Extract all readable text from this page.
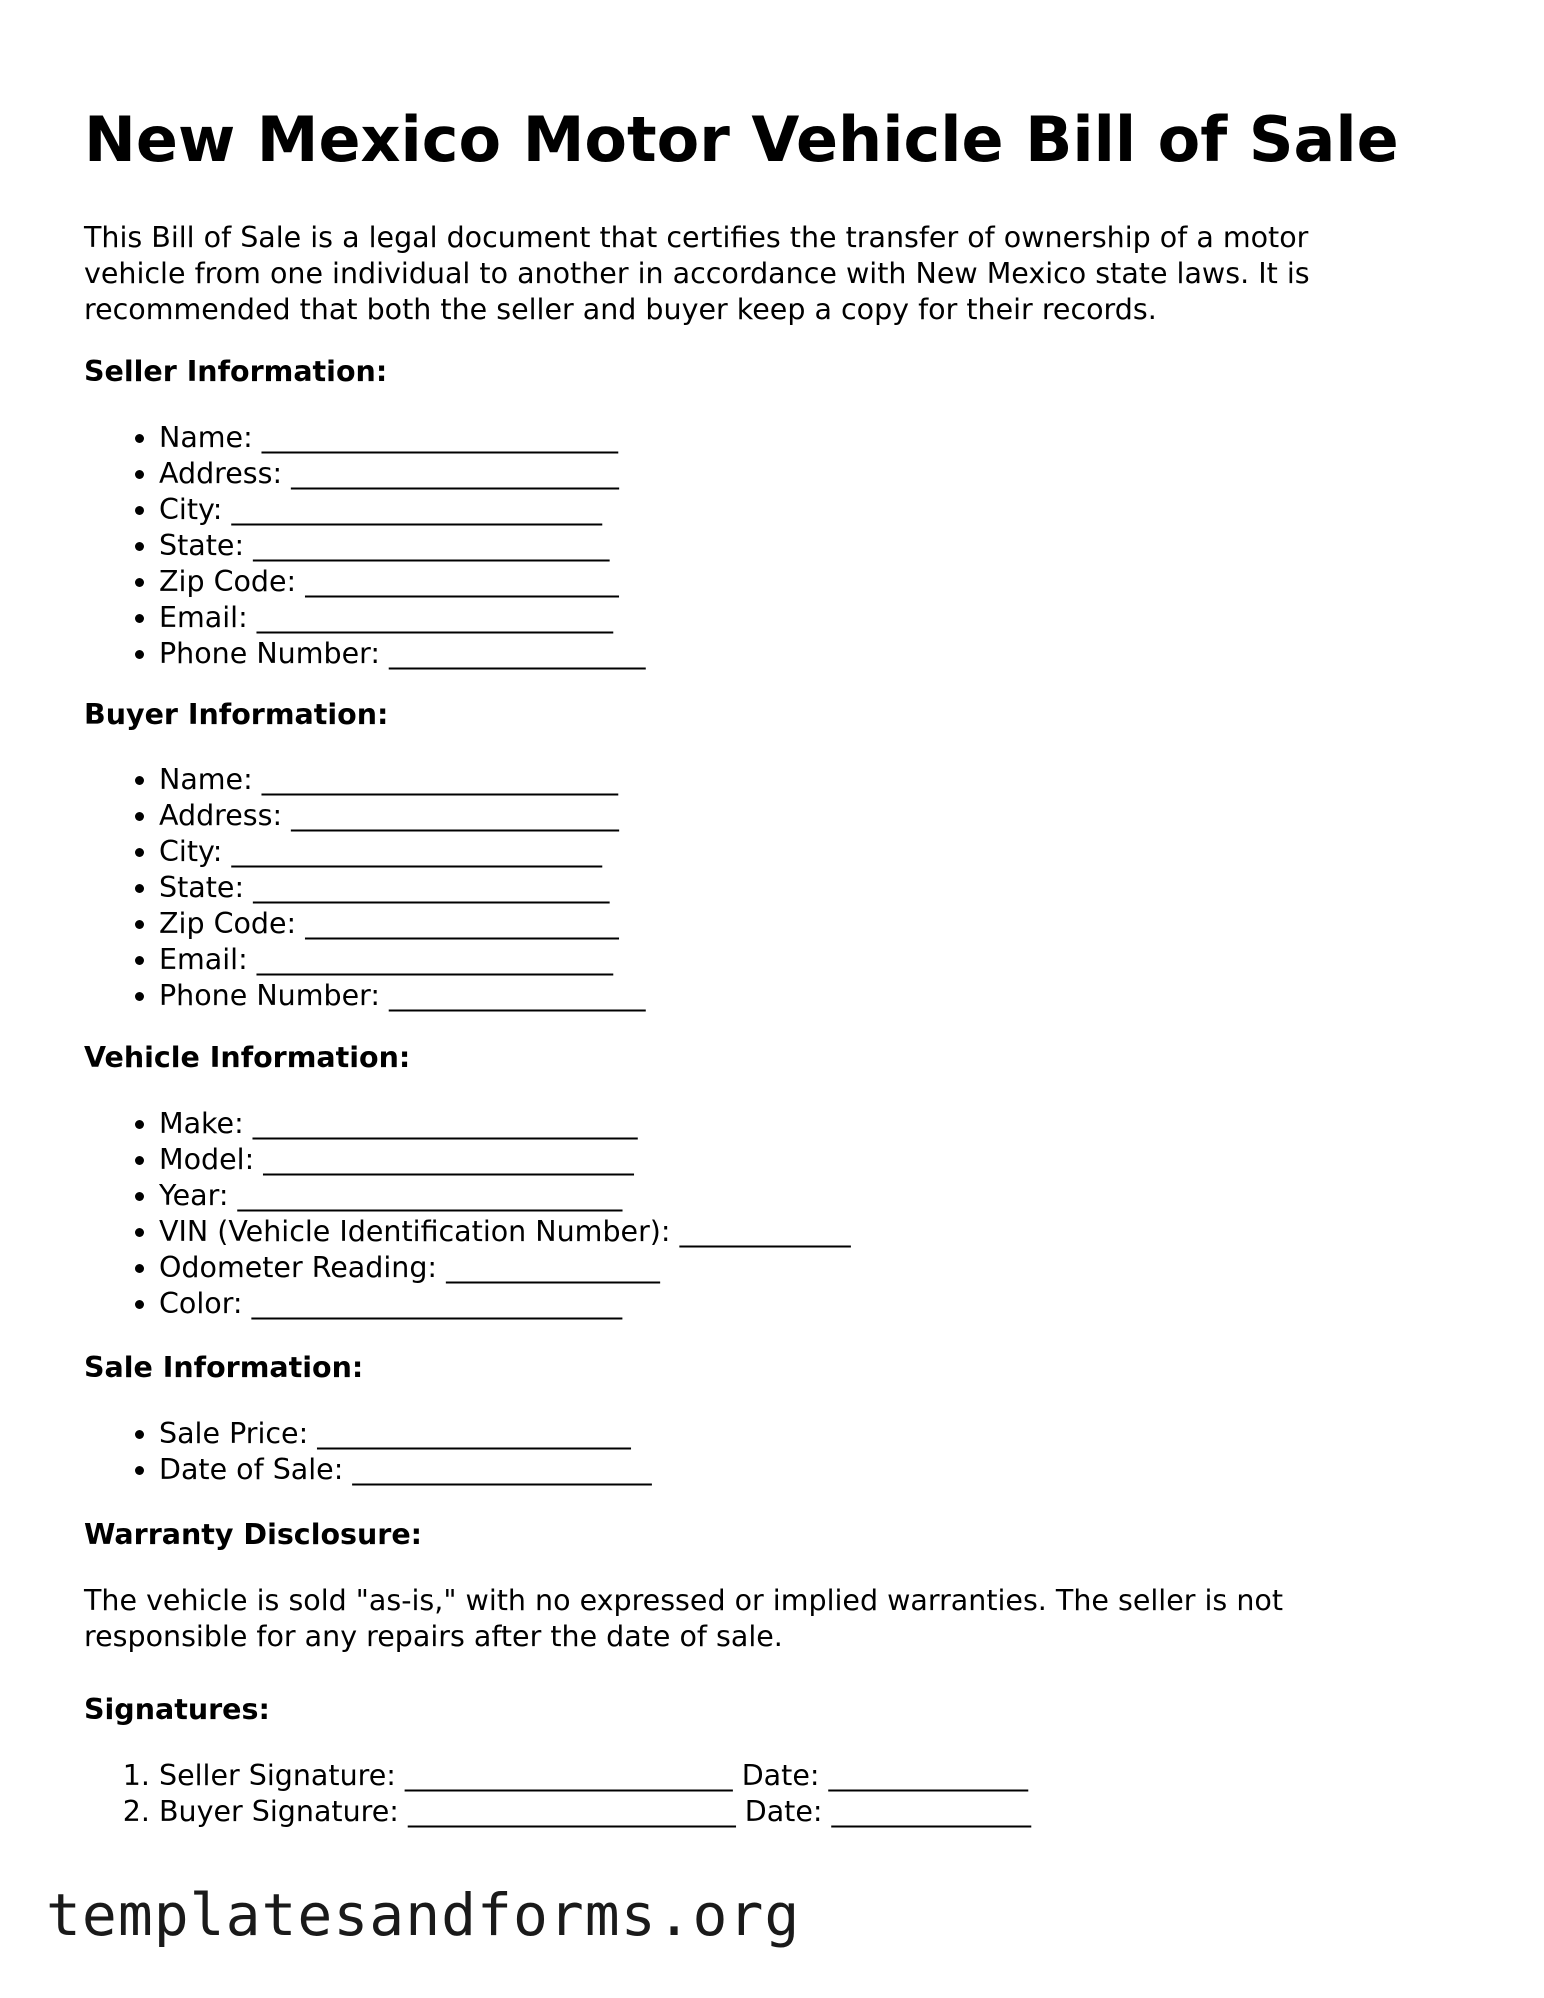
New Mexico Motor Vehicle Bill of Sale

This Bill of Sale is a legal document that certifies the transfer of ownership of a motor vehicle from one individual to another in accordance with New Mexico state laws. It is recommended that both the seller and buyer keep a copy for their records.

Seller Information:
• Name: _________________________
• Address: _______________________
• City: __________________________
• State: _________________________
• Zip Code: ______________________
• Email: _________________________
• Phone Number: __________________
Buyer Information:
• Name: _________________________
• Address: _______________________
• City: __________________________
• State: _________________________
• Zip Code: ______________________
• Email: _________________________
• Phone Number: __________________
Vehicle Information:
• Make: ___________________________
• Model: __________________________
• Year: ___________________________
• VIN (Vehicle Identification Number): ____________
• Odometer Reading: _______________
• Color: __________________________
Sale Information:
• Sale Price: ______________________
• Date of Sale: _____________________
Warranty Disclosure:

The vehicle is sold "as-is," with no expressed or implied warranties. The seller is not responsible for any repairs after the date of sale.

Signatures:
1. Seller Signature: _______________________ Date: ______________
2. Buyer Signature: _______________________ Date: ______________
templatesandforms.org
